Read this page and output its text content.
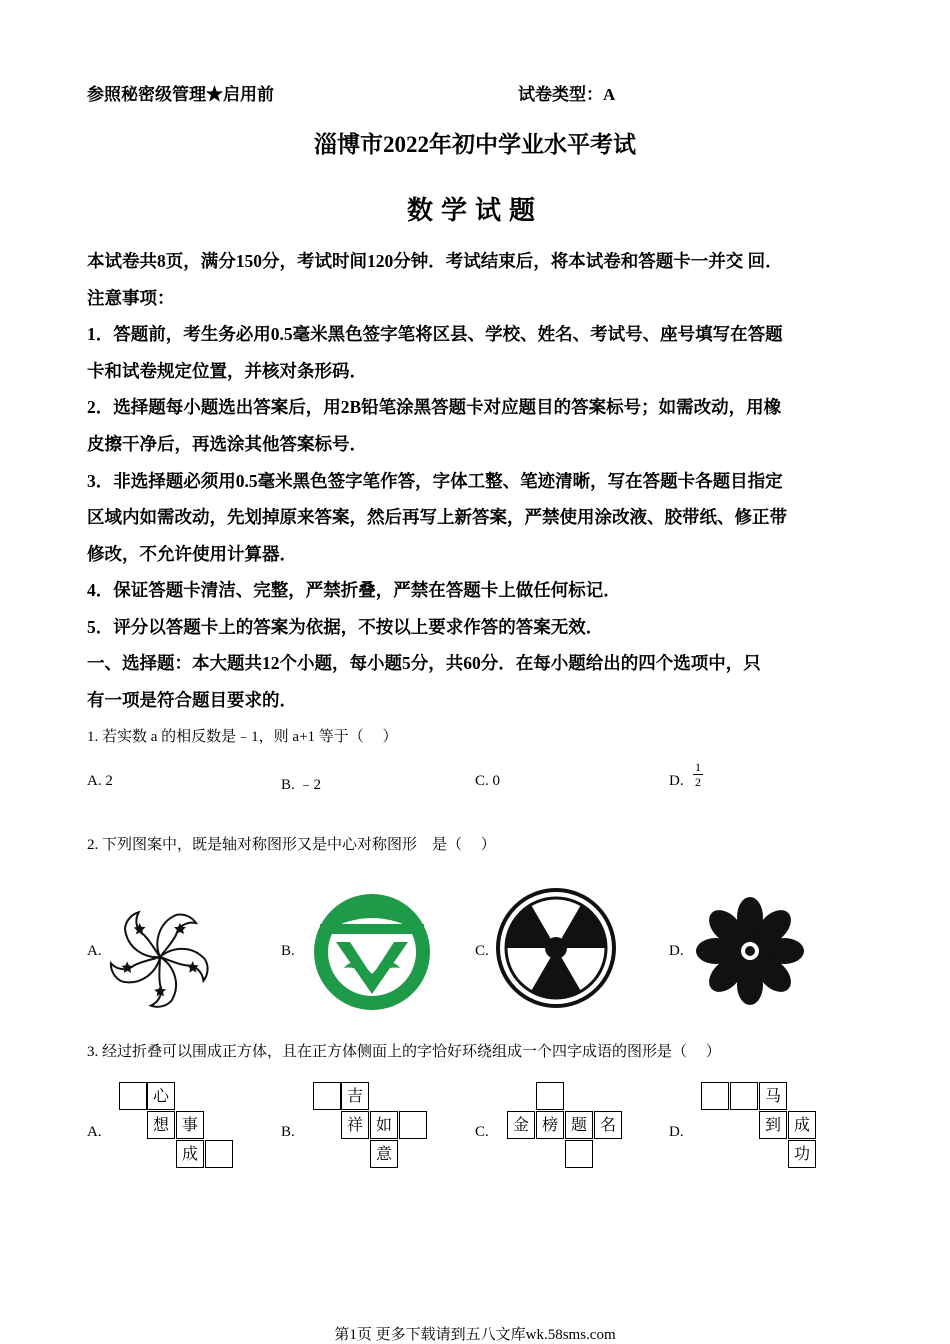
参照秘密级管理★启用前	试卷类型：A
淄博市2022年初中学业水平考试
数学试题
本试卷共8页，满分150分，考试时间120分钟．考试结束后，将本试卷和答题卡一并交 回．
注意事项：
1．答题前，考生务必用0.5毫米黑色签字笔将区县、学校、姓名、考试号、座号填写在答题
卡和试卷规定位置，并核对条形码．
2．选择题每小题选出答案后，用2B铅笔涂黑答题卡对应题目的答案标号；如需改动，用橡
皮擦干净后，再选涂其他答案标号．
3．非选择题必须用0.5毫米黑色签字笔作答，字体工整、笔迹清晰，写在答题卡各题目指定
区域内如需改动，先划掉原来答案，然后再写上新答案，严禁使用涂改液、胶带纸、修正带
修改，不允许使用计算器．
4．保证答题卡清洁、完整，严禁折叠，严禁在答题卡上做任何标记．
5．评分以答题卡上的答案为依据，不按以上要求作答的答案无效．
一、选择题：本大题共12个小题，每小题5分，共60分．在每小题给出的四个选项中，只
有一项是符合题目要求的．
1. 若实数 a 的相反数是﹣1，则 a+1 等于（　 ）
A. 2	B. ﹣2	C. 0	D.
1
2
2. 下列图案中，既是轴对称图形又是中心对称图形　是（　 ）
A.	B.	C.	D.
3. 经过折叠可以围成正方体，且在正方体侧面上的字恰好环绕组成一个四字成语的图形是（　 ）
A.	B.	C.	D.
心
想 事
成
吉
祥 如
意
金 榜 题 名
马
到 成
功
第1页 更多下载请到五八文库wk.58sms.com
